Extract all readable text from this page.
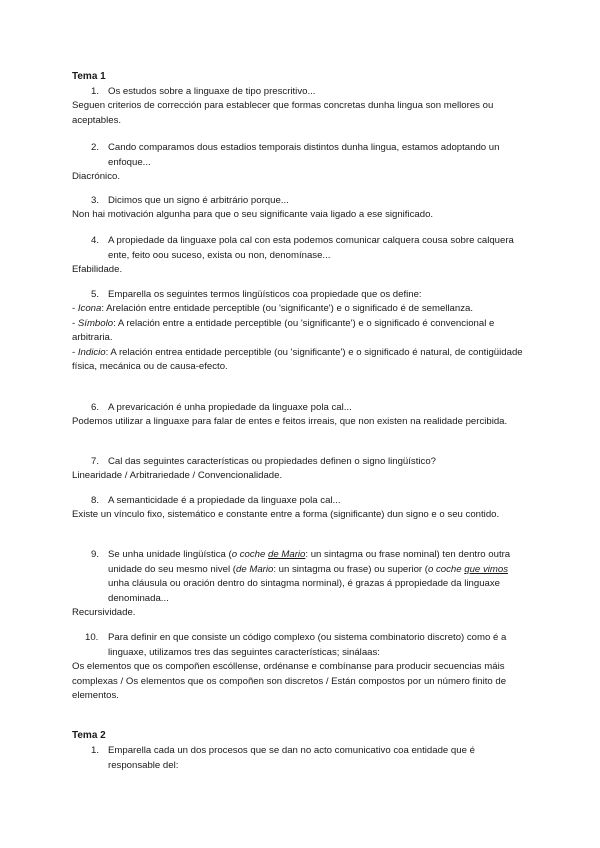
Tema 1
1. Os estudos sobre a linguaxe de tipo prescritivo...
Seguen criterios de corrección para establecer que formas concretas dunha lingua son mellores ou aceptables.
2. Cando comparamos dous estadios temporais distintos dunha lingua, estamos adoptando un enfoque...
Diacrónico.
3. Dicimos que un signo é arbitrário porque...
Non hai motivación algunha para que o seu significante vaia ligado a ese significado.
4. A propiedade da linguaxe pola cal con esta podemos comunicar calquera cousa sobre calquera ente, feito oou suceso, exista ou non, denomínase...
Efabilidade.
5. Emparella os seguintes termos lingüísticos coa propiedade que os define:
- Icona: Arelación entre entidade perceptible (ou 'significante') e o significado é de semellanza.
- Símbolo: A relación entre a entidade perceptible (ou 'significante') e o significado é convencional e arbitraria.
- Indicio: A relación entrea entidade perceptible (ou 'significante') e o significado é natural, de contigüidade física, mecánica ou de causa-efecto.
6. A prevaricación é unha propiedade da linguaxe pola cal...
Podemos utilizar a linguaxe para falar de entes e feitos irreais, que non existen na realidade percibida.
7. Cal das seguintes características ou propiedades definen o signo lingüístico?
Linearidade / Arbitrariedade / Convencionalidade.
8. A semanticidade é a propiedade da linguaxe pola cal...
Existe un vínculo fixo, sistemático e constante entre a forma (significante) dun signo e o seu contido.
9. Se unha unidade lingüística (o coche de Mario: un sintagma ou frase nominal) ten dentro outra unidade do seu mesmo nivel (de Mario: un sintagma ou frase) ou superior (o coche que vimos unha cláusula ou oración dentro do sintagma norminal), é grazas á ppropiedade da linguaxe denominada...
Recursividade.
10. Para definir en que consiste un código complexo (ou sistema combinatorio discreto) como é a linguaxe, utilizamos tres das seguintes características; sinálaas:
Os elementos que os compoñen escóllense, ordénanse e combínanse para producir secuencias máis complexas / Os elementos que os compoñen son discretos / Están compostos por un número finito de elementos.
Tema 2
1. Emparella cada un dos procesos que se dan no acto comunicativo coa entidade que é responsable del:
